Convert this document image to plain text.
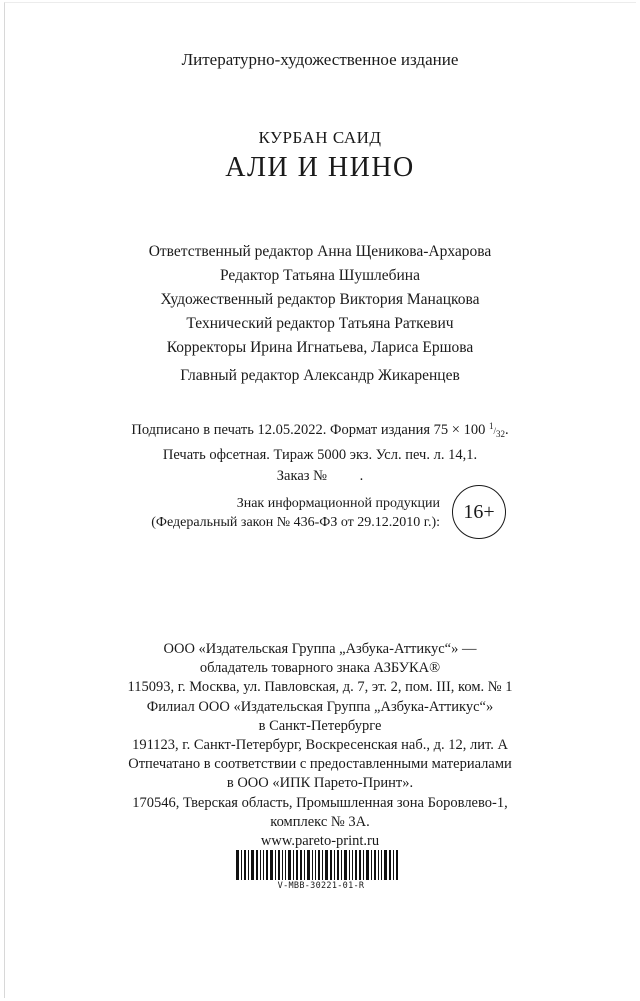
Литературно-художественное издание
КУРБАН САИД
АЛИ И НИНО
Ответственный редактор Анна Щеникова-Архарова
Редактор Татьяна Шушлебина
Художественный редактор Виктория Манацкова
Технический редактор Татьяна Раткевич
Корректоры Ирина Игнатьева, Лариса Ершова
Главный редактор Александр Жикаренцев
Подписано в печать 12.05.2022. Формат издания 75 × 100 $^1/_{32}$.
Печать офсетная. Тираж 5000 экз. Усл. печ. л. 14,1.
Заказ №         .
Знак информационной продукции
(Федеральный закон № 436-ФЗ от 29.12.2010 г.): 16+
ООО «Издательская Группа „Азбука-Аттикус“» —
обладатель товарного знака АЗБУКА®
115093, г. Москва, ул. Павловская, д. 7, эт. 2, пом. III, ком. № 1
Филиал ООО «Издательская Группа „Азбука-Аттикус“»
в Санкт-Петербурге
191123, г. Санкт-Петербург, Воскресенская наб., д. 12, лит. А
Отпечатано в соответствии с предоставленными материалами
в ООО «ИПК Парето-Принт».
170546, Тверская область, Промышленная зона Боровлево-1,
комплекс № 3А.
www.pareto-print.ru
V-MBB-30221-01-R
